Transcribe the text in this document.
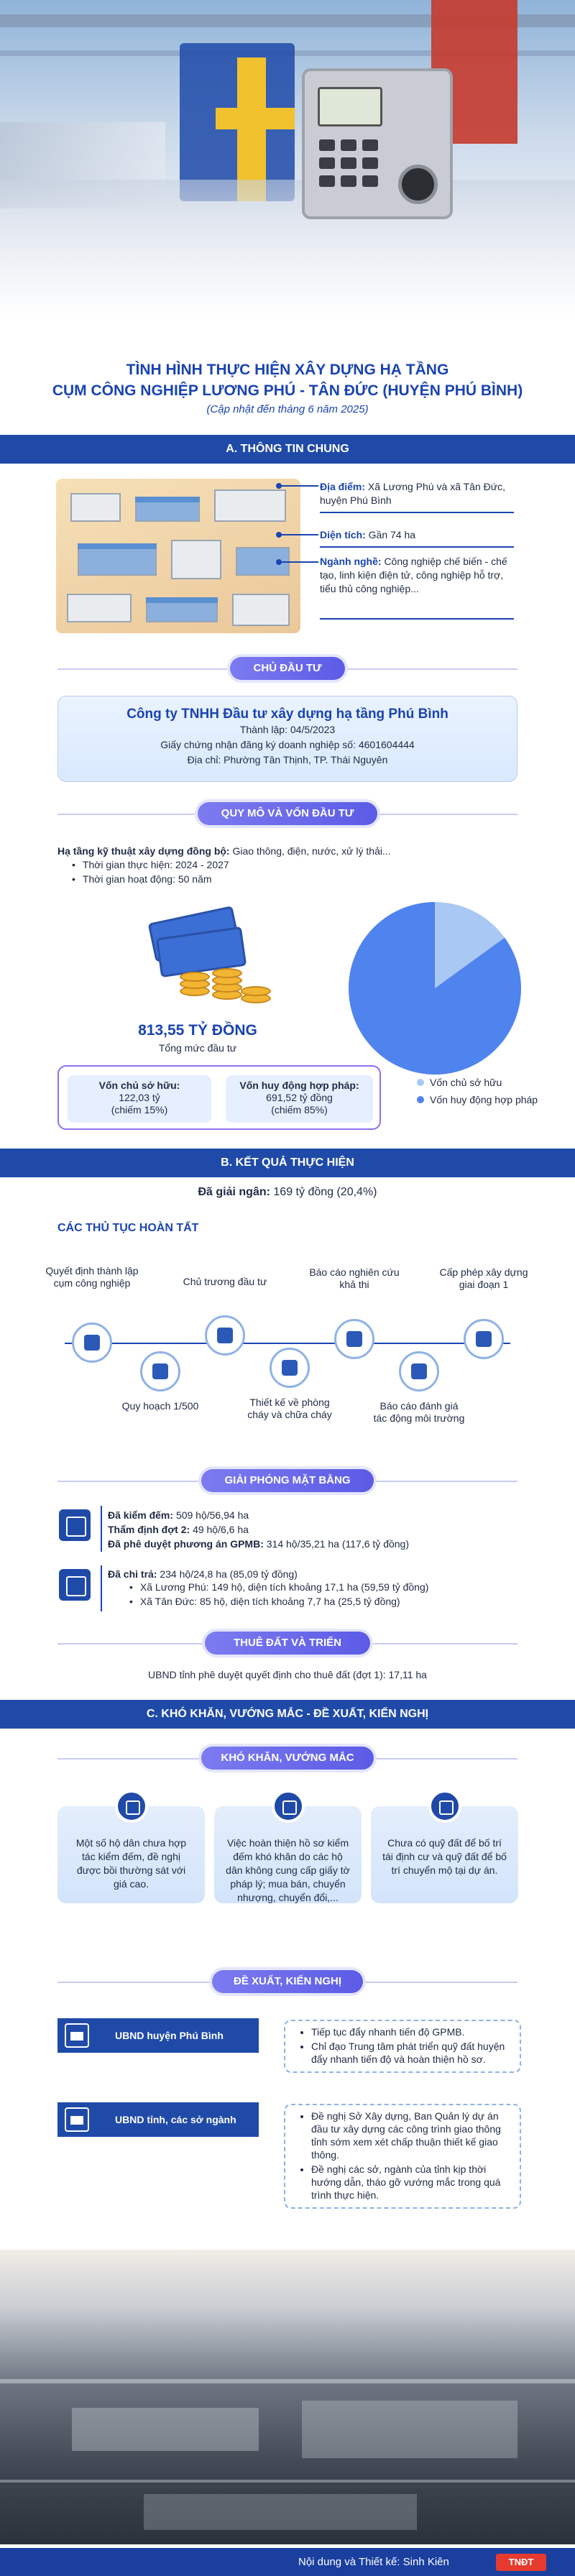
TÌNH HÌNH THỰC HIỆN XÂY DỰNG HẠ TẦNG
CỤM CÔNG NGHIỆP LƯƠNG PHÚ - TÂN ĐỨC (HUYỆN PHÚ BÌNH)
(Cập nhật đến tháng 6 năm 2025)
A. THÔNG TIN CHUNG
Địa điểm: Xã Lương Phú và xã Tân Đức, huyện Phú Bình
Diện tích: Gần 74 ha
Ngành nghề: Công nghiệp chế biến - chế tạo, linh kiện điện tử, công nghiệp hỗ trợ, tiểu thủ công nghiệp...
CHỦ ĐẦU TƯ
Công ty TNHH Đầu tư xây dựng hạ tầng Phú Bình
Thành lập: 04/5/2023
Giấy chứng nhận đăng ký doanh nghiệp số: 4601604444
Địa chỉ: Phường Tân Thịnh, TP. Thái Nguyên
QUY MÔ VÀ VỐN ĐẦU TƯ
Hạ tầng kỹ thuật xây dựng đồng bộ: Giao thông, điện, nước, xử lý thải...
• Thời gian thực hiện: 2024 - 2027
• Thời gian hoạt động: 50 năm
813,55 TỶ ĐỒNG
Tổng mức đầu tư
Vốn chủ sở hữu:
122,03 tỷ
(chiếm 15%)
Vốn huy động hợp pháp:
691,52 tỷ đồng
(chiếm 85%)
Vốn chủ sở hữu
Vốn huy động hợp pháp
B. KẾT QUẢ THỰC HIỆN
Đã giải ngân: 169 tỷ đồng (20,4%)
CÁC THỦ TỤC HOÀN TẤT
Quyết định thành lập cụm công nghiệp	Chủ trương đầu tư
Báo cáo nghiên cứu khả thi
Cấp phép xây dựng giai đoạn 1
Quy hoạch 1/500	Thiết kế về phòng cháy và chữa cháy
Báo cáo đánh giá tác động môi trường
GIẢI PHÓNG MẶT BẰNG (GPMB)
Đã kiểm đếm: 509 hộ/56,94 ha
Thẩm định đợt 2: 49 hộ/6,6 ha
Đã phê duyệt phương án GPMB: 314 hộ/35,21 ha (117,6 tỷ đồng)
Đã chi trả: 234 hộ/24,8 ha (85,09 tỷ đồng)
• Xã Lương Phú: 149 hộ, diện tích khoảng 17,1 ha (59,59 tỷ đồng)
• Xã Tân Đức: 85 hộ, diện tích khoảng 7,7 ha (25,5 tỷ đồng)
THUÊ ĐẤT VÀ TRIỂN KHAI
UBND tỉnh phê duyệt quyết định cho thuê đất (đợt 1): 17,11 ha
C. KHÓ KHĂN, VƯỚNG MẮC - ĐỀ XUẤT, KIẾN NGHỊ
KHÓ KHĂN, VƯỚNG MẮC
Một số hộ dân chưa hợp tác kiểm đếm, đề nghị được bồi thường sát với giá cao.
Việc hoàn thiện hồ sơ kiểm đếm khó khăn do các hộ dân không cung cấp giấy tờ pháp lý; mua bán, chuyển nhượng, chuyển đổi,...
Chưa có quỹ đất để bố trí tái định cư và quỹ đất để bố trí chuyển mộ tại dự án.
ĐỀ XUẤT, KIẾN NGHỊ
UBND huyện Phú Bình	• Tiếp tục đẩy nhanh tiến độ GPMB.
• Chỉ đạo Trung tâm phát triển quỹ đất huyện đẩy nhanh tiến độ và hoàn thiện hồ sơ.
UBND tỉnh, các sở ngành	• Đề nghị Sở Xây dựng, Ban Quản lý dự án đầu tư xây dựng các công trình giao thông tỉnh sớm xem xét chấp thuận thiết kế giao thông.
• Đề nghị các sở, ngành của tỉnh kịp thời hướng dẫn, tháo gỡ vướng mắc trong quá trình thực hiện.
Nội dung và Thiết kế: Sinh Kiên	TNĐT
